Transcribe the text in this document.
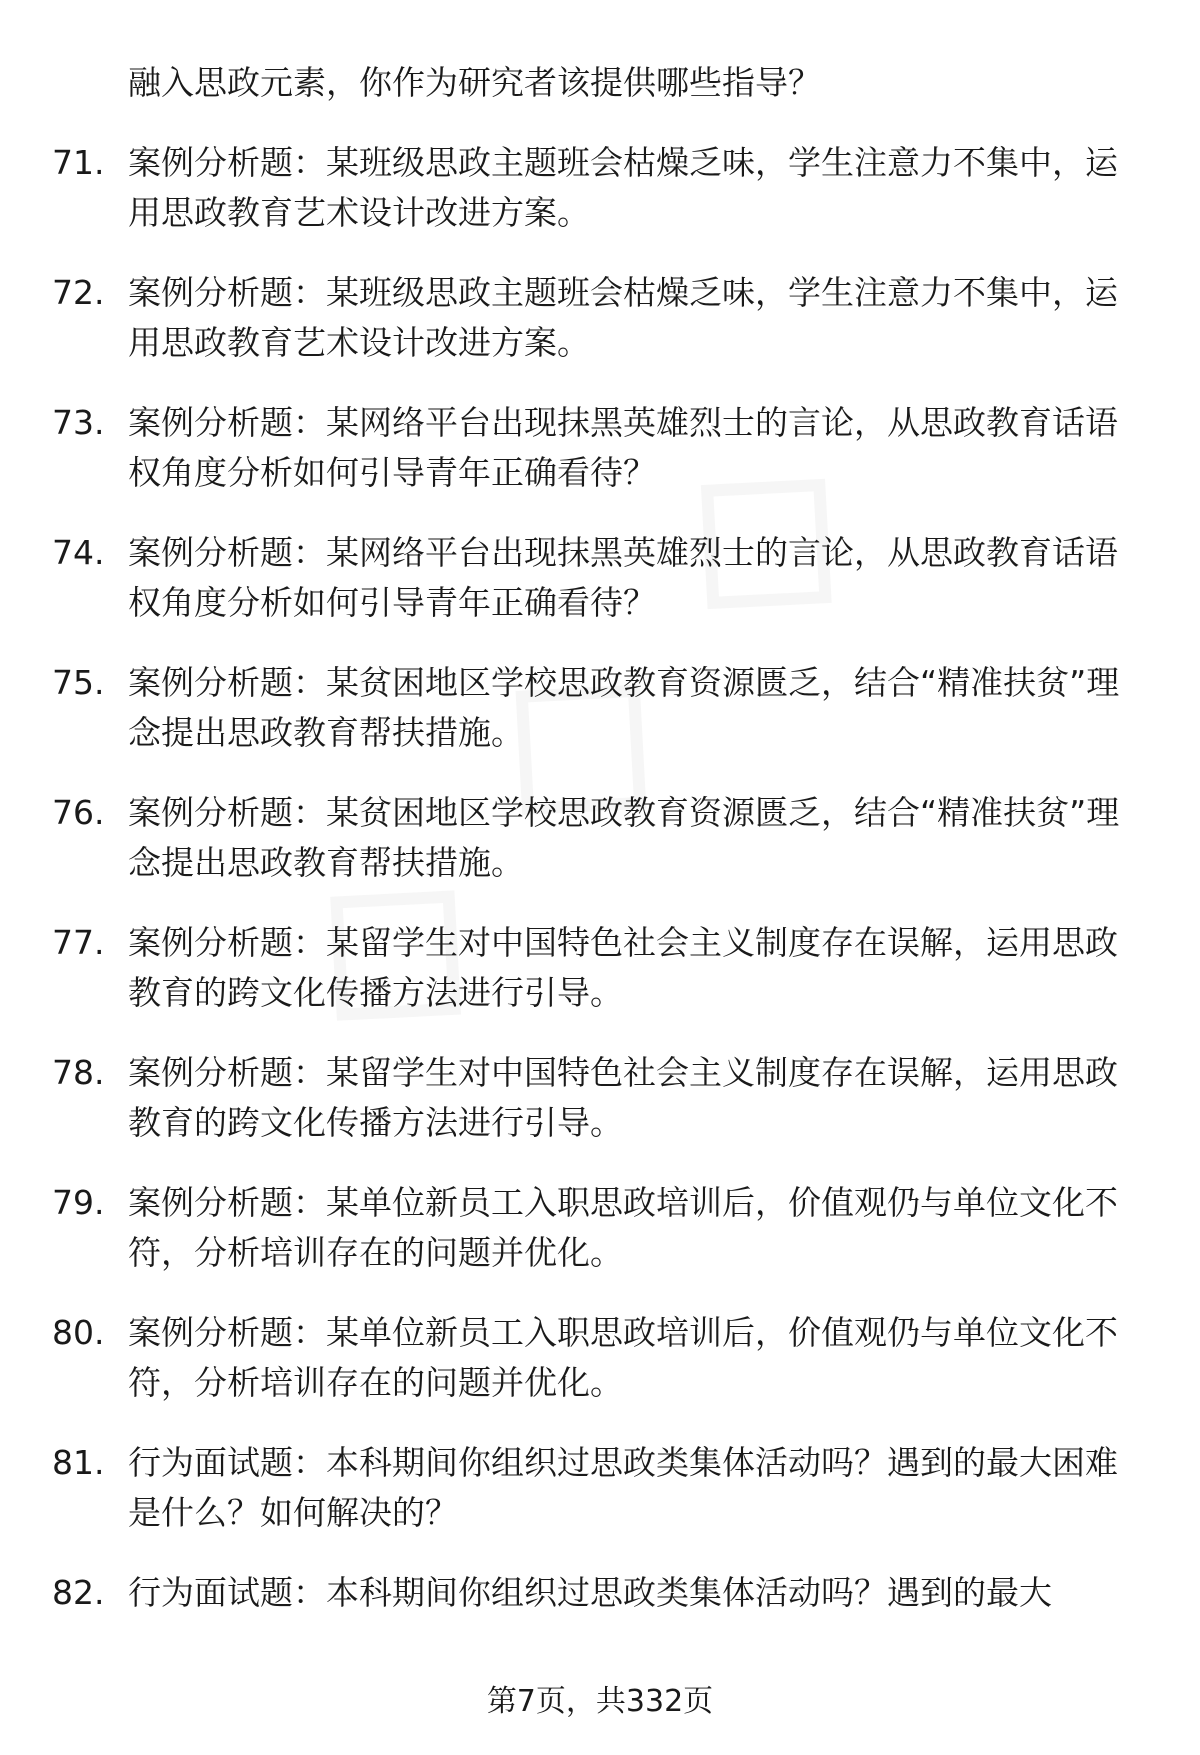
融入思政元素，你作为研究者该提供哪些指导？
71. 案例分析题：某班级思政主题班会枯燥乏味，学生注意力不集中，运用思政教育艺术设计改进方案。
72. 案例分析题：某班级思政主题班会枯燥乏味，学生注意力不集中，运用思政教育艺术设计改进方案。
73. 案例分析题：某网络平台出现抹黑英雄烈士的言论，从思政教育话语权角度分析如何引导青年正确看待？
74. 案例分析题：某网络平台出现抹黑英雄烈士的言论，从思政教育话语权角度分析如何引导青年正确看待？
75. 案例分析题：某贫困地区学校思政教育资源匮乏，结合“精准扶贫”理念提出思政教育帮扶措施。
76. 案例分析题：某贫困地区学校思政教育资源匮乏，结合“精准扶贫”理念提出思政教育帮扶措施。
77. 案例分析题：某留学生对中国特色社会主义制度存在误解，运用思政教育的跨文化传播方法进行引导。
78. 案例分析题：某留学生对中国特色社会主义制度存在误解，运用思政教育的跨文化传播方法进行引导。
79. 案例分析题：某单位新员工入职思政培训后，价值观仍与单位文化不符，分析培训存在的问题并优化。
80. 案例分析题：某单位新员工入职思政培训后，价值观仍与单位文化不符，分析培训存在的问题并优化。
81. 行为面试题：本科期间你组织过思政类集体活动吗？遇到的最大困难是什么？如何解决的？
82. 行为面试题：本科期间你组织过思政类集体活动吗？遇到的最大
第7页，共332页
